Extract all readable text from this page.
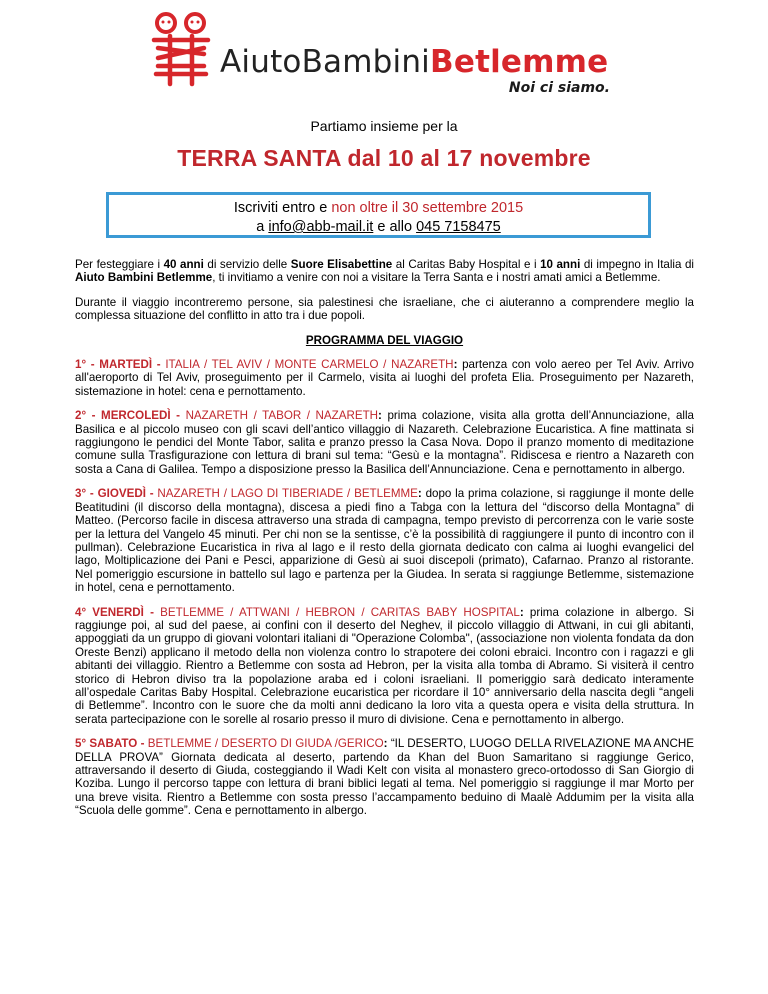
AiutoBambiniBetlemme
Noi ci siamo.
Partiamo insieme per la
TERRA SANTA dal 10 al 17 novembre
Iscriviti entro e non oltre il 30 settembre 2015
a info@abb-mail.it e allo 045 7158475

Per festeggiare i 40 anni di servizio delle Suore Elisabettine al Caritas Baby Hospital e i 10 anni di impegno in Italia di Aiuto Bambini Betlemme, ti invitiamo a venire con noi a visitare la Terra Santa e i nostri amati amici a Betlemme.

Durante il viaggio incontreremo persone, sia palestinesi che israeliane, che ci aiuteranno a comprendere meglio la complessa situazione del conflitto in atto tra i due popoli.

PROGRAMMA DEL VIAGGIO

1° - MARTEDÌ - ITALIA / TEL AVIV / MONTE CARMELO / NAZARETH: partenza con volo aereo per Tel Aviv. Arrivo all'aeroporto di Tel Aviv, proseguimento per il Carmelo, visita ai luoghi del profeta Elia. Proseguimento per Nazareth, sistemazione in hotel: cena e pernottamento.

2° - MERCOLEDÌ - NAZARETH / TABOR / NAZARETH: prima colazione, visita alla grotta dell’Annunciazione, alla Basilica e al piccolo museo con gli scavi dell’antico villaggio di Nazareth. Celebrazione Eucaristica. A fine mattinata si raggiungono le pendici del Monte Tabor, salita e pranzo presso la Casa Nova. Dopo il pranzo momento di meditazione comune sulla Trasfigurazione con lettura di brani sul tema: “Gesù e la montagna”. Ridiscesa e rientro a Nazareth con sosta a Cana di Galilea. Tempo a disposizione presso la Basilica dell’Annunciazione. Cena e pernottamento in albergo.

3° - GIOVEDÌ - NAZARETH / LAGO DI TIBERIADE / BETLEMME: dopo la prima colazione, si raggiunge il monte delle Beatitudini (il discorso della montagna), discesa a piedi fino a Tabga con la lettura del “discorso della Montagna” di Matteo. (Percorso facile in discesa attraverso una strada di campagna, tempo previsto di percorrenza con le varie soste per la lettura del Vangelo 45 minuti. Per chi non se la sentisse, c’è la possibilità di raggiungere il punto di incontro con il pullman). Celebrazione Eucaristica in riva al lago e il resto della giornata dedicato con calma ai luoghi evangelici del lago, Moltiplicazione dei Pani e Pesci, apparizione di Gesù ai suoi discepoli (primato), Cafarnao. Pranzo al ristorante. Nel pomeriggio escursione in battello sul lago e partenza per la Giudea. In serata si raggiunge Betlemme, sistemazione in hotel, cena e pernottamento.

4° VENERDÌ - BETLEMME / ATTWANI / HEBRON / CARITAS BABY HOSPITAL: prima colazione in albergo. Si raggiunge poi, al sud del paese, ai confini con il deserto del Neghev, il piccolo villaggio di Attwani, in cui gli abitanti, appoggiati da un gruppo di giovani volontari italiani di "Operazione Colomba", (associazione non violenta fondata da don Oreste Benzi) applicano il metodo della non violenza contro lo strapotere dei coloni ebraici. Incontro con i ragazzi e gli abitanti dei villaggio. Rientro a Betlemme con sosta ad Hebron, per la visita alla tomba di Abramo. Si visiterà il centro storico di Hebron diviso tra la popolazione araba ed i coloni israeliani. Il pomeriggio sarà dedicato interamente all’ospedale Caritas Baby Hospital. Celebrazione eucaristica per ricordare il 10° anniversario della nascita degli “angeli di Betlemme”. Incontro con le suore che da molti anni dedicano la loro vita a questa opera e visita della struttura. In serata partecipazione con le sorelle al rosario presso il muro di divisione. Cena e pernottamento in albergo.

5° SABATO - BETLEMME / DESERTO DI GIUDA /GERICO: “IL DESERTO, LUOGO DELLA RIVELAZIONE MA ANCHE DELLA PROVA” Giornata dedicata al deserto, partendo da Khan del Buon Samaritano si raggiunge Gerico, attraversando il deserto di Giuda, costeggiando il Wadi Kelt con visita al monastero greco-ortodosso di San Giorgio di Koziba. Lungo il percorso tappe con lettura di brani biblici legati al tema. Nel pomeriggio si raggiunge il mar Morto per una breve visita. Rientro a Betlemme con sosta presso l’accampamento beduino di Maalè Addumim per la visita alla “Scuola delle gomme”. Cena e pernottamento in albergo.
